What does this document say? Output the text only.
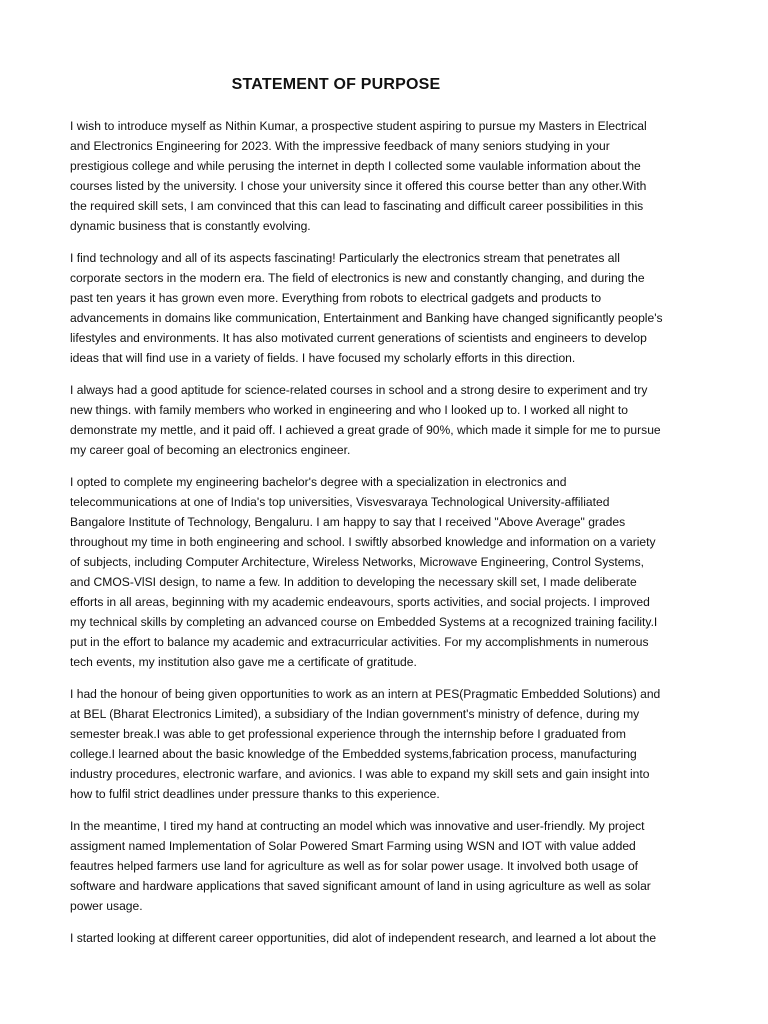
STATEMENT OF PURPOSE

I wish to introduce myself as Nithin Kumar, a prospective student aspiring to pursue my Masters in Electrical
and Electronics Engineering for 2023. With the impressive feedback of many seniors studying in your
prestigious college and while perusing the internet in depth I collected some vaulable information about the
courses listed by the university. I chose your university since it offered this course better than any other.With
the required skill sets, I am convinced that this can lead to fascinating and difficult career possibilities in this
dynamic business that is constantly evolving.

I find technology and all of its aspects fascinating! Particularly the electronics stream that penetrates all
corporate sectors in the modern era. The field of electronics is new and constantly changing, and during the
past ten years it has grown even more. Everything from robots to electrical gadgets and products to
advancements in domains like communication, Entertainment and Banking have changed significantly people's
lifestyles and environments. It has also motivated current generations of scientists and engineers to develop
ideas that will find use in a variety of fields. I have focused my scholarly efforts in this direction.

I always had a good aptitude for science-related courses in school and a strong desire to experiment and try
new things. with family members who worked in engineering and who I looked up to. I worked all night to
demonstrate my mettle, and it paid off. I achieved a great grade of 90%, which made it simple for me to pursue
my career goal of becoming an electronics engineer.

I opted to complete my engineering bachelor's degree with a specialization in electronics and
telecommunications at one of India's top universities, Visvesvaraya Technological University-affiliated
Bangalore Institute of Technology, Bengaluru. I am happy to say that I received "Above Average" grades
throughout my time in both engineering and school. I swiftly absorbed knowledge and information on a variety
of subjects, including Computer Architecture, Wireless Networks, Microwave Engineering, Control Systems,
and CMOS-VlSI design, to name a few. In addition to developing the necessary skill set, I made deliberate
efforts in all areas, beginning with my academic endeavours, sports activities, and social projects. I improved
my technical skills by completing an advanced course on Embedded Systems at a recognized training facility.I
put in the effort to balance my academic and extracurricular activities. For my accomplishments in numerous
tech events, my institution also gave me a certificate of gratitude.

I had the honour of being given opportunities to work as an intern at PES(Pragmatic Embedded Solutions) and
at BEL (Bharat Electronics Limited), a subsidiary of the Indian government's ministry of defence, during my
semester break.I was able to get professional experience through the internship before I graduated from
college.I learned about the basic knowledge of the Embedded systems,fabrication process, manufacturing
industry procedures, electronic warfare, and avionics. I was able to expand my skill sets and gain insight into
how to fulfil strict deadlines under pressure thanks to this experience.

In the meantime, I tired my hand at contructing an model which was innovative and user-friendly. My project
assigment named Implementation of Solar Powered Smart Farming using WSN and IOT with value added
feautres helped farmers use land for agriculture as well as for solar power usage. It involved both usage of
software and hardware applications that saved significant amount of land in using agriculture as well as solar
power usage.

I started looking at different career opportunities, did alot of independent research, and learned a lot about the
